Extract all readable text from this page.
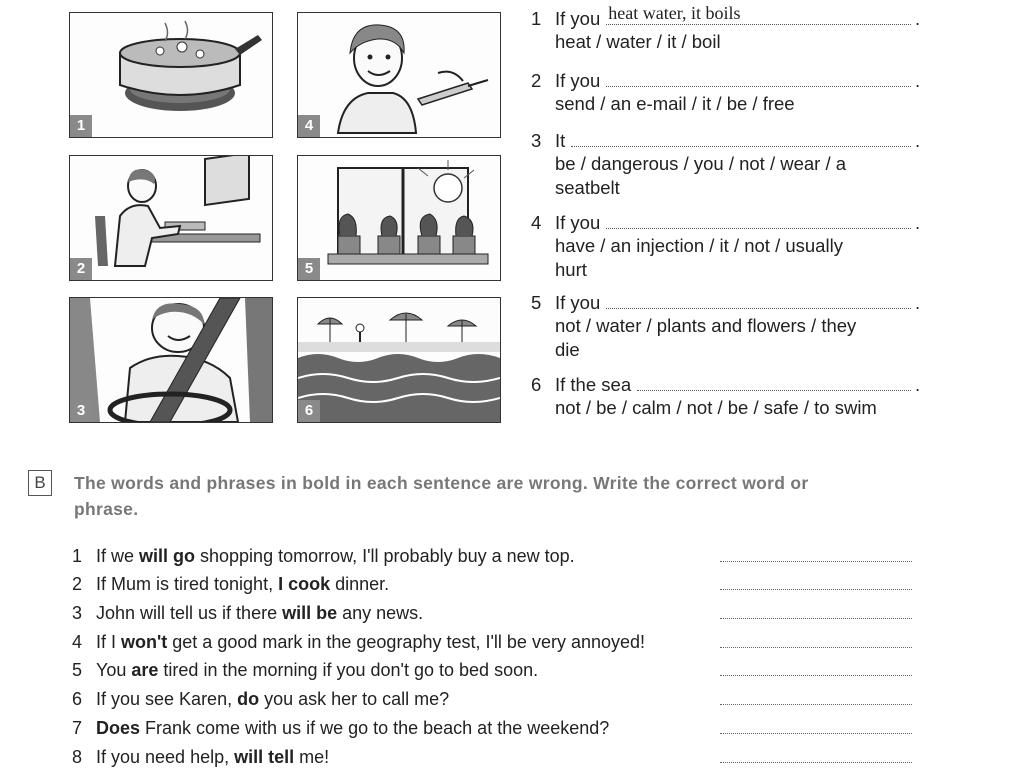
1	4
2	5
3	6
1 If you heat water, it boils	.
heat / water / it / boil
2 If you	.
send / an e-mail / it / be / free
3 It	.
be / dangerous / you / not / wear / a
seatbelt
4 If you	.
have / an injection / it / not / usually
hurt
5 If you	.
not / water / plants and flowers / they
die
6 If the sea	.
not / be / calm / not / be / safe / to swim
B	The words and phrases in bold in each sentence are wrong. Write the correct word or phrase.
1 If we will go shopping tomorrow, I'll probably buy a new top.
2 If Mum is tired tonight, I cook dinner.
3 John will tell us if there will be any news.
4 If I won't get a good mark in the geography test, I'll be very annoyed!
5 You are tired in the morning if you don't go to bed soon.
6 If you see Karen, do you ask her to call me?
7 Does Frank come with us if we go to the beach at the weekend?
8 If you need help, will tell me!
